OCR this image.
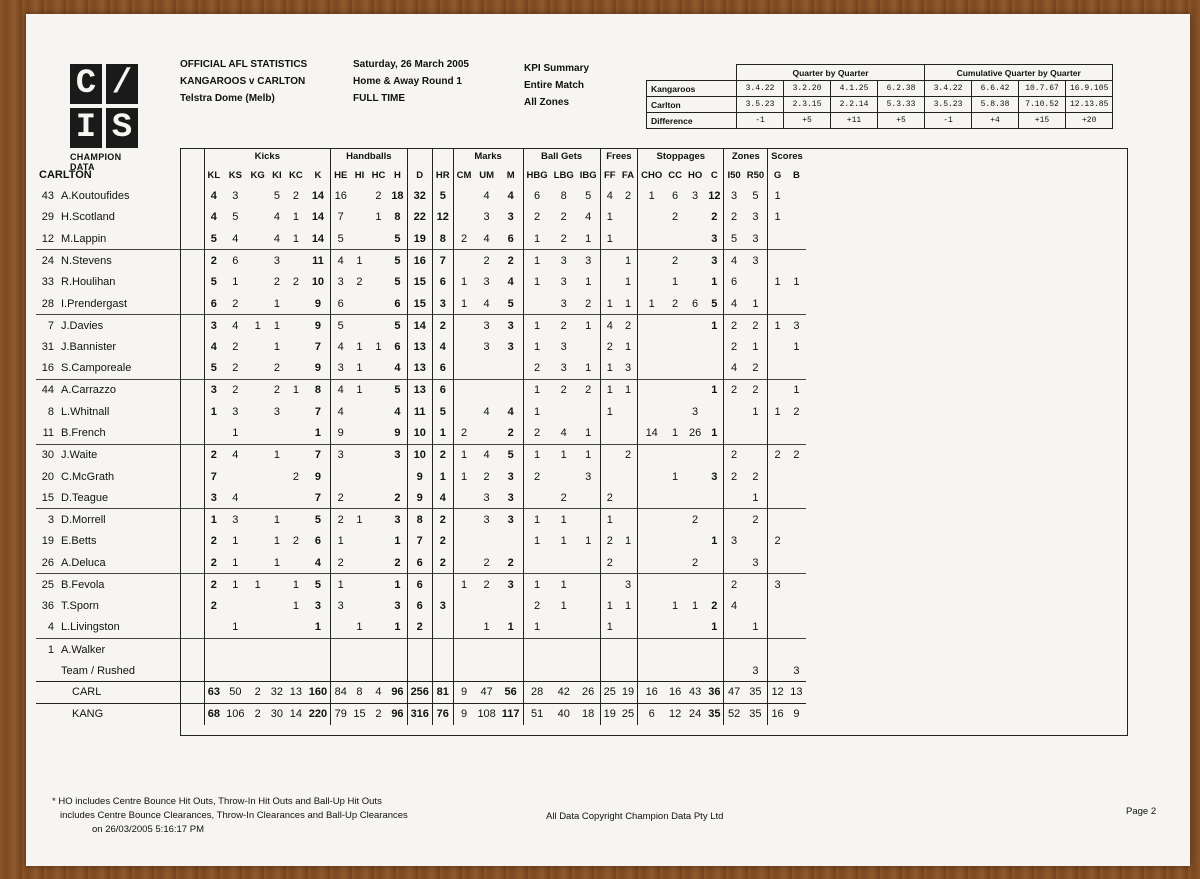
C /
I S
CHAMPION DATA
OFFICIAL AFL STATISTICS
KANGAROOS v CARLTON
Telstra Dome (Melb)
Saturday, 26 March 2005
Home & Away Round 1
FULL TIME
KPI Summary
Entire Match
All Zones
	Quarter by Quarter				Cumulative Quarter by Quarter			
Kangaroos	3.4.22	3.2.20	4.1.25	6.2.38	3.4.22	6.6.42	10.7.67	16.9.105
Carlton	3.5.23	2.3.15	2.2.14	5.3.33	3.5.23	5.8.38	7.10.52	12.13.85
Difference	-1	+5	+11	+5	-1	+4	+15	+20
* HO includes Centre Bounce Hit Outs, Throw-In Hit Outs and Ball-Up Hit Outs
includes Centre Bounce Clearances, Throw-In Clearances and Ball-Up Clearances
on 26/03/2005 5:16:17 PM
All Data Copyright Champion Data Pty Ltd	Page 2
		Kicks						Handballs						Marks			Ball Gets			Frees		Stoppages				Zones		Scores	
CARLTON		KL	KS	KG	KI	KC	K	HE	HI	HC	H	D	HR	CM	UM	M	HBG	LBG	IBG	FF	FA	CHO	CC	HO	C	I50	R50	G	B
43	A.Koutoufides	4	3		5	2	14	16		2	18	32	5		4	4	6	8	5	4	2	1	6	3	12	3	5	1	
29	H.Scotland	4	5		4	1	14	7		1	8	22	12		3	3	2	2	4	1			2		2	2	3	1	
12	M.Lappin	5	4		4	1	14	5			5	19	8	2	4	6	1	2	1	1					3	5	3		
24	N.Stevens	2	6		3		11	4	1		5	16	7		2	2	1	3	3		1		2		3	4	3		
33	R.Houlihan	5	1		2	2	10	3	2		5	15	6	1	3	4	1	3	1		1		1		1	6		1	1
28	I.Prendergast	6	2		1		9	6			6	15	3	1	4	5		3	2	1	1	1	2	6	5	4	1		
7	J.Davies	3	4	1	1		9	5			5	14	2		3	3	1	2	1	4	2				1	2	2	1	3
31	J.Bannister	4	2		1		7	4	1	1	6	13	4		3	3	1	3		2	1					2	1		1
16	S.Camporeale	5	2		2		9	3	1		4	13	6				2	3	1	1	3					4	2		
44	A.Carrazzo	3	2		2	1	8	4	1		5	13	6				1	2	2	1	1				1	2	2		1
8	L.Whitnall	1	3		3		7	4			4	11	5		4	4	1			1				3			1	1	2
11	B.French		1				1	9			9	10	1	2		2	2	4	1			14	1	26	1				
30	J.Waite	2	4		1		7	3			3	10	2	1	4	5	1	1	1		2					2		2	2
20	C.McGrath	7				2	9					9	1	1	2	3	2		3				1		3	2	2		
15	D.Teague	3	4				7	2			2	9	4		3	3		2		2							1		
3	D.Morrell	1	3		1		5	2	1		3	8	2		3	3	1	1		1				2			2		
19	E.Betts	2	1		1	2	6	1			1	7	2				1	1	1	2	1				1	3		2	
26	A.Deluca	2	1		1		4	2			2	6	2		2	2				2				2			3		
25	B.Fevola	2	1	1		1	5	1			1	6		1	2	3	1	1			3					2		3	
36	T.Sporn	2				1	3	3			3	6	3				2	1		1	1		1	1	2	4			
4	L.Livingston		1				1		1		1	2			1	1	1			1					1		1		
1	A.Walker																												
	Team / Rushed																										3		3
	CARL	63	50	2	32	13	160	84	8	4	96	256	81	9	47	56	28	42	26	25	19	16	16	43	36	47	35	12	13
	KANG	68	106	2	30	14	220	79	15	2	96	316	76	9	108	117	51	40	18	19	25	6	12	24	35	52	35	16	9
